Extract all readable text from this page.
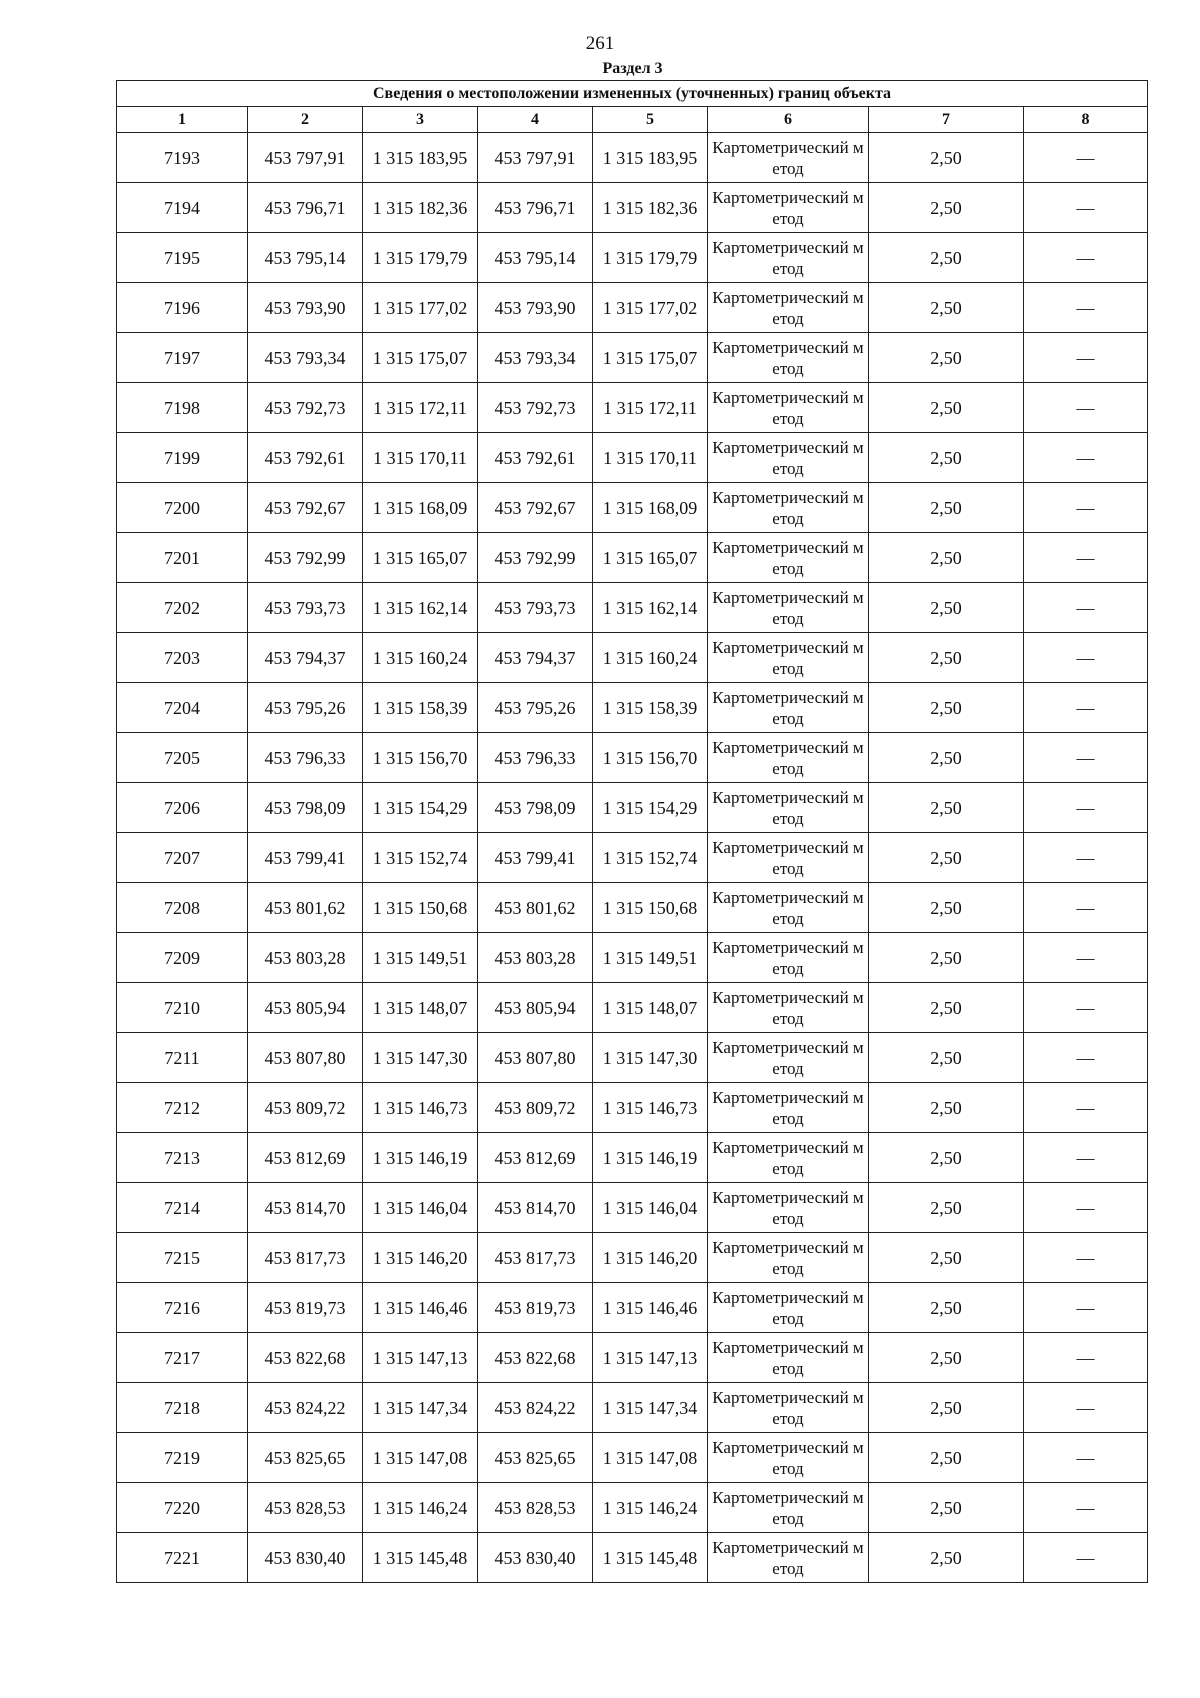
261
Раздел 3
Сведения о местоположении измененных (уточненных) границ объекта							
1	2	3	4	5	6	7	8
7193	453 797,91	1 315 183,95	453 797,91	1 315 183,95	Картометрический метод	2,50	—
7194	453 796,71	1 315 182,36	453 796,71	1 315 182,36	Картометрический метод	2,50	—
7195	453 795,14	1 315 179,79	453 795,14	1 315 179,79	Картометрический метод	2,50	—
7196	453 793,90	1 315 177,02	453 793,90	1 315 177,02	Картометрический метод	2,50	—
7197	453 793,34	1 315 175,07	453 793,34	1 315 175,07	Картометрический метод	2,50	—
7198	453 792,73	1 315 172,11	453 792,73	1 315 172,11	Картометрический метод	2,50	—
7199	453 792,61	1 315 170,11	453 792,61	1 315 170,11	Картометрический метод	2,50	—
7200	453 792,67	1 315 168,09	453 792,67	1 315 168,09	Картометрический метод	2,50	—
7201	453 792,99	1 315 165,07	453 792,99	1 315 165,07	Картометрический метод	2,50	—
7202	453 793,73	1 315 162,14	453 793,73	1 315 162,14	Картометрический метод	2,50	—
7203	453 794,37	1 315 160,24	453 794,37	1 315 160,24	Картометрический метод	2,50	—
7204	453 795,26	1 315 158,39	453 795,26	1 315 158,39	Картометрический метод	2,50	—
7205	453 796,33	1 315 156,70	453 796,33	1 315 156,70	Картометрический метод	2,50	—
7206	453 798,09	1 315 154,29	453 798,09	1 315 154,29	Картометрический метод	2,50	—
7207	453 799,41	1 315 152,74	453 799,41	1 315 152,74	Картометрический метод	2,50	—
7208	453 801,62	1 315 150,68	453 801,62	1 315 150,68	Картометрический метод	2,50	—
7209	453 803,28	1 315 149,51	453 803,28	1 315 149,51	Картометрический метод	2,50	—
7210	453 805,94	1 315 148,07	453 805,94	1 315 148,07	Картометрический метод	2,50	—
7211	453 807,80	1 315 147,30	453 807,80	1 315 147,30	Картометрический метод	2,50	—
7212	453 809,72	1 315 146,73	453 809,72	1 315 146,73	Картометрический метод	2,50	—
7213	453 812,69	1 315 146,19	453 812,69	1 315 146,19	Картометрический метод	2,50	—
7214	453 814,70	1 315 146,04	453 814,70	1 315 146,04	Картометрический метод	2,50	—
7215	453 817,73	1 315 146,20	453 817,73	1 315 146,20	Картометрический метод	2,50	—
7216	453 819,73	1 315 146,46	453 819,73	1 315 146,46	Картометрический метод	2,50	—
7217	453 822,68	1 315 147,13	453 822,68	1 315 147,13	Картометрический метод	2,50	—
7218	453 824,22	1 315 147,34	453 824,22	1 315 147,34	Картометрический метод	2,50	—
7219	453 825,65	1 315 147,08	453 825,65	1 315 147,08	Картометрический метод	2,50	—
7220	453 828,53	1 315 146,24	453 828,53	1 315 146,24	Картометрический метод	2,50	—
7221	453 830,40	1 315 145,48	453 830,40	1 315 145,48	Картометрический метод	2,50	—
